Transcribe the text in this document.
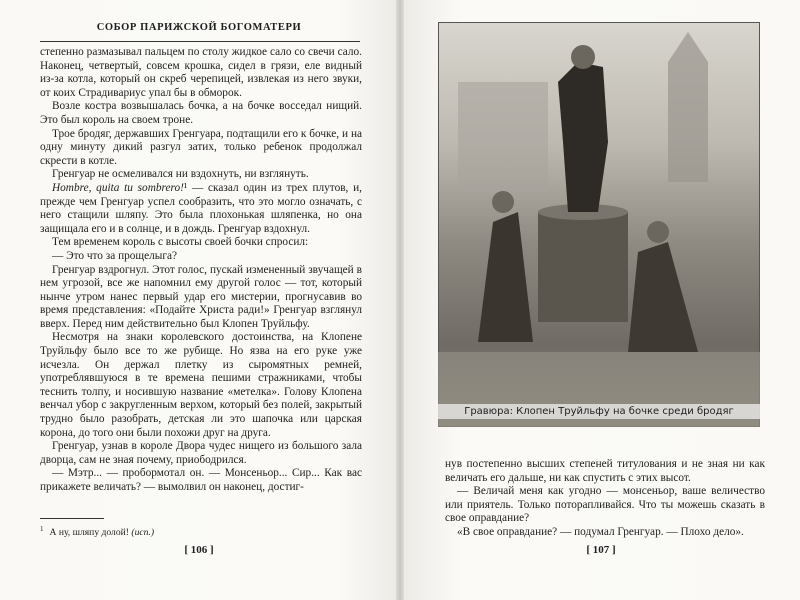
СОБОР ПАРИЖСКОЙ БОГОМАТЕРИ

степенно размазывал пальцем по столу жидкое сало со свечи сало. Наконец, четвертый, совсем крошка, сидел в грязи, еле видный из-за котла, который он скреб черепицей, извлекая из него звуки, от коих Страдивариус упал бы в обморок.

Возле костра возвышалась бочка, а на бочке восседал нищий. Это был король на своем троне.

Трое бродяг, державших Гренгуара, подтащили его к бочке, и на одну минуту дикий разгул затих, только ребенок продолжал скрести в котле.

Гренгуар не осмеливался ни вздохнуть, ни взглянуть.

Hombre, quita tu sombrero!¹ — сказал один из трех плутов, и, прежде чем Гренгуар успел сообразить, что это могло означать, с него стащили шляпу. Это была плохонькая шляпенка, но она защищала его и в солнце, и в дождь. Гренгуар вздохнул.

Тем временем король с высоты своей бочки спросил:

— Это что за прощелыга?

Гренгуар вздрогнул. Этот голос, пускай измененный звучащей в нем угрозой, все же напомнил ему другой голос — тот, который нынче утром нанес первый удар его мистерии, прогнусавив во время представления: «Подайте Христа ради!» Гренгуар взглянул вверх. Перед ним действительно был Клопен Труйльфу.

Несмотря на знаки королевского достоинства, на Клопене Труйльфу было все то же рубище. Но язва на его руке уже исчезла. Он держал плетку из сыромятных ремней, употреблявшуюся в те времена пешими стражниками, чтобы теснить толпу, и носившую название «метелка». Голову Клопена венчал убор с закругленным верхом, который без полей, закрытый трудно было разобрать, детская ли это шапочка или царская корона, до того они были похожи друг на друга.

Гренгуар, узнав в короле Двора чудес нищего из большого зала дворца, сам не зная почему, приободрился.

— Мэтр... — пробормотал он. — Монсеньор... Сир... Как вас прикажете величать? — вымолвил он наконец, достиг-

$^1$ А ну, шляпу долой! (исп.)
[ 106 ]
Гравюра: Клопен Труйльфу на бочке среди бродяг

нув постепенно высших степеней титулования и не зная ни как величать его дальше, ни как спустить с этих высот.

— Величай меня как угодно — монсеньор, ваше величество или приятель. Только поторапливайся. Что ты можешь сказать в свое оправдание?

«В свое оправдание? — подумал Гренгуар. — Плохо дело».

[ 107 ]
